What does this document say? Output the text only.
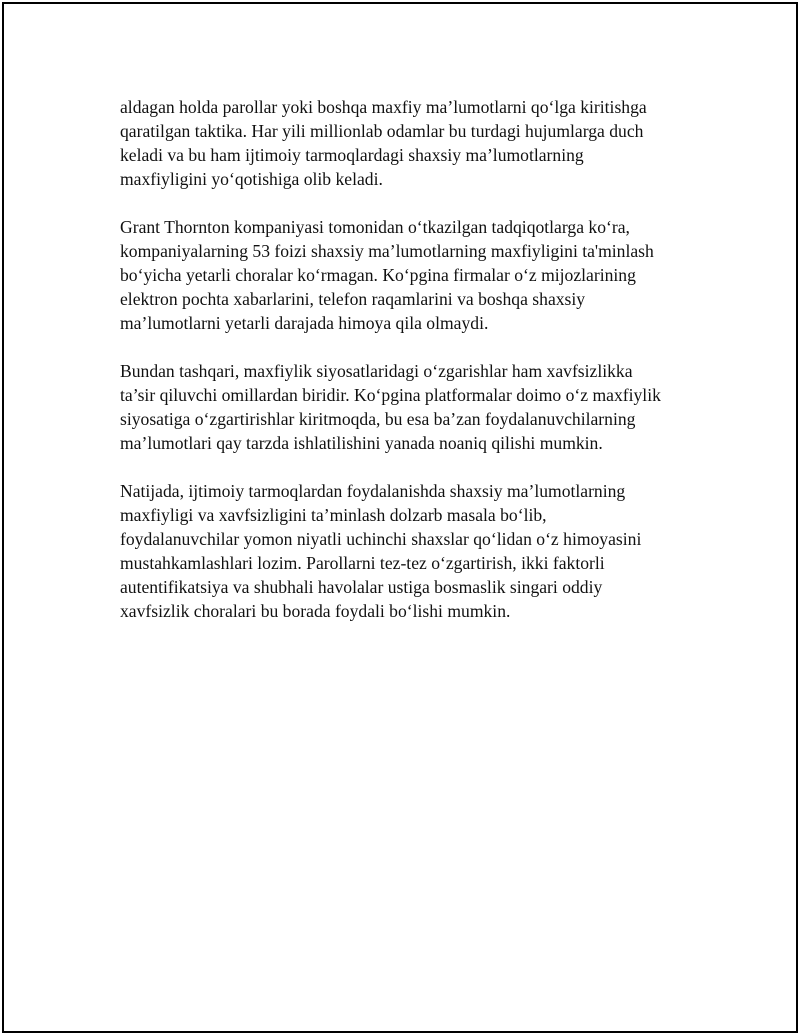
aldagan holda parollar yoki boshqa maxfiy ma’lumotlarni qo‘lga kiritishga
qaratilgan taktika. Har yili millionlab odamlar bu turdagi hujumlarga duch
keladi va bu ham ijtimoiy tarmoqlardagi shaxsiy ma’lumotlarning
maxfiyligini yo‘qotishiga olib keladi.

Grant Thornton kompaniyasi tomonidan o‘tkazilgan tadqiqotlarga ko‘ra,
kompaniyalarning 53 foizi shaxsiy ma’lumotlarning maxfiyligini ta'minlash
bo‘yicha yetarli choralar ko‘rmagan. Ko‘pgina firmalar o‘z mijozlarining
elektron pochta xabarlarini, telefon raqamlarini va boshqa shaxsiy
ma’lumotlarni yetarli darajada himoya qila olmaydi.

Bundan tashqari, maxfiylik siyosatlaridagi o‘zgarishlar ham xavfsizlikka
ta’sir qiluvchi omillardan biridir. Ko‘pgina platformalar doimo o‘z maxfiylik
siyosatiga o‘zgartirishlar kiritmoqda, bu esa ba’zan foydalanuvchilarning
ma’lumotlari qay tarzda ishlatilishini yanada noaniq qilishi mumkin.

Natijada, ijtimoiy tarmoqlardan foydalanishda shaxsiy ma’lumotlarning
maxfiyligi va xavfsizligini ta’minlash dolzarb masala bo‘lib,
foydalanuvchilar yomon niyatli uchinchi shaxslar qo‘lidan o‘z himoyasini
mustahkamlashlari lozim. Parollarni tez-tez o‘zgartirish, ikki faktorli
autentifikatsiya va shubhali havolalar ustiga bosmaslik singari oddiy
xavfsizlik choralari bu borada foydali bo‘lishi mumkin.
